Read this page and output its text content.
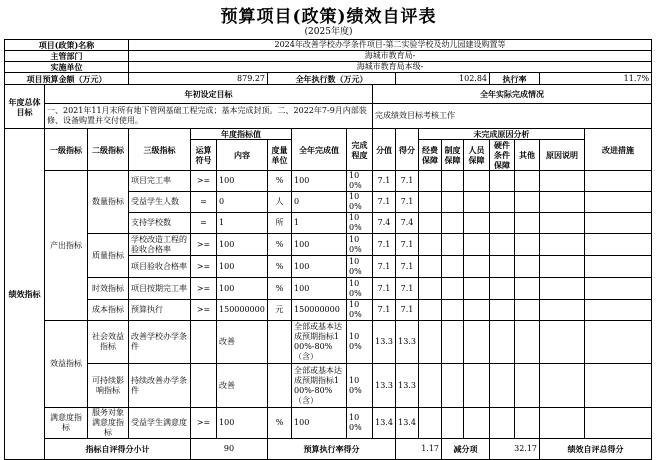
预算项目(政策)绩效自评表
(2025年度)
项目(政策)名称			2024年改善学校办学条件项目-第二实验学校及幼儿园建设购置等															
主管部门			海城市教育局-															
实施单位			海城市教育局本级-															
项目预算金额（万元）			879.27			全年执行数（万元）				102.84				执行率		11.7%		
年度总体目标	年初设定目标								全年实际完成情况									
	一、2021年11月末所有地下管网基础工程完成；基本完成封顶。二、2022年7-9月内部装修、设备购置并交付使用。								完成绩效目标考核工作									
绩效指标	一级指标	二级指标	三级指标	年度指标值			全年完成值	完成程度	分值	得分	未完成原因分析						改进措施	
				运算符号	内容	度量单位					经费保障	制度保障	人员保障	硬件条件保障	其他	原因说明		

	产出指标	数量指标	项目完工率	>=	100	%	100	100%	7.1	7.1								
			受益学生人数	=	0	人	0	100%	7.1	7.1								
			支持学校数	=	1	所	1	100%	7.4	7.4								
		质量指标	学校改造工程的验收合格率	>=	100	%	100	100%	7.1	7.1								
			项目验收合格率	>=	100	%	100	100%	7.1	7.1								
		时效指标	项目按期完工率	>=	100	%	100	100%	7.1	7.1								
		成本指标	预算执行	>=	150000000	元	150000000	100%	7.1	7.1								
	效益指标	社会效益指标	改善学校办学条件		改善		全部或基本达成预期指标100%-80%（含）	100%	13.3	13.3								
		可持续影响指标	持续改善办学条件		改善		全部或基本达成预期指标100%-80%（含）	100%	13.3	13.3								
	满意度指标	服务对象满意度指标	受益学生满意度	>=	100	%	100	100%	13.4	13.4								
	指标自评得分小计			90		预算执行率得分				1.17		减分项		32.17		绩效自评总得分	
